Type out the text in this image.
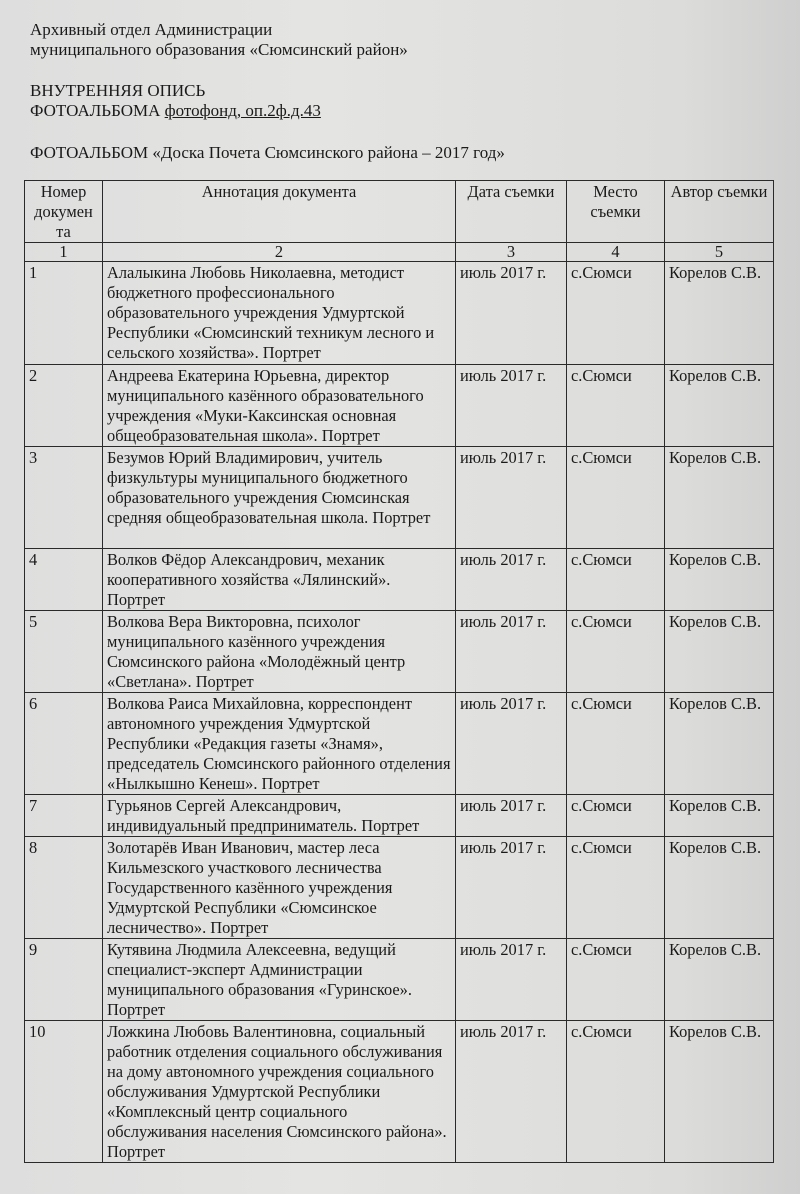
Архивный отдел Администрации
муниципального образования «Сюмсинский район»
ВНУТРЕННЯЯ ОПИСЬ
ФОТОАЛЬБОМА фотофонд, оп.2ф.д.43
ФОТОАЛЬБОМ «Доска Почета Сюмсинского района – 2017 год»
Номер докумен та	Аннотация документа	Дата съемки	Место съемки	Автор съемки
1	2	3	4	5
1	Алалыкина Любовь Николаевна, методист бюджетного профессионального образовательного учреждения Удмуртской Республики «Сюмсинский техникум лесного и сельского хозяйства». Портрет	июль 2017 г.	с.Сюмси	Корелов С.В.
2	Андреева Екатерина Юрьевна, директор муниципального казённого образовательного учреждения «Муки-Каксинская основная общеобразовательная школа». Портрет	июль 2017 г.	с.Сюмси	Корелов С.В.
3	Безумов Юрий Владимирович, учитель физкультуры муниципального бюджетного образовательного учреждения Сюмсинская средняя общеобразовательная школа. Портрет	июль 2017 г.	с.Сюмси	Корелов С.В.
4	Волков Фёдор Александрович, механик кооперативного хозяйства «Лялинский». Портрет	июль 2017 г.	с.Сюмси	Корелов С.В.
5	Волкова Вера Викторовна, психолог муниципального казённого учреждения Сюмсинского района «Молодёжный центр «Светлана». Портрет	июль 2017 г.	с.Сюмси	Корелов С.В.
6	Волкова Раиса Михайловна, корреспондент автономного учреждения Удмуртской Республики «Редакция газеты «Знамя», председатель Сюмсинского районного отделения «Нылкышно Кенеш». Портрет	июль 2017 г.	с.Сюмси	Корелов С.В.
7	Гурьянов Сергей Александрович, индивидуальный предприниматель. Портрет	июль 2017 г.	с.Сюмси	Корелов С.В.
8	Золотарёв Иван Иванович, мастер леса Кильмезского участкового лесничества Государственного казённого учреждения Удмуртской Республики «Сюмсинское лесничество». Портрет	июль 2017 г.	с.Сюмси	Корелов С.В.
9	Кутявина Людмила Алексеевна, ведущий специалист-эксперт Администрации муниципального образования «Гуринское». Портрет	июль 2017 г.	с.Сюмси	Корелов С.В.
10	Ложкина Любовь Валентиновна, социальный работник отделения социального обслуживания на дому автономного учреждения социального обслуживания Удмуртской Республики «Комплексный центр социального обслуживания населения Сюмсинского района». Портрет	июль 2017 г.	с.Сюмси	Корелов С.В.
